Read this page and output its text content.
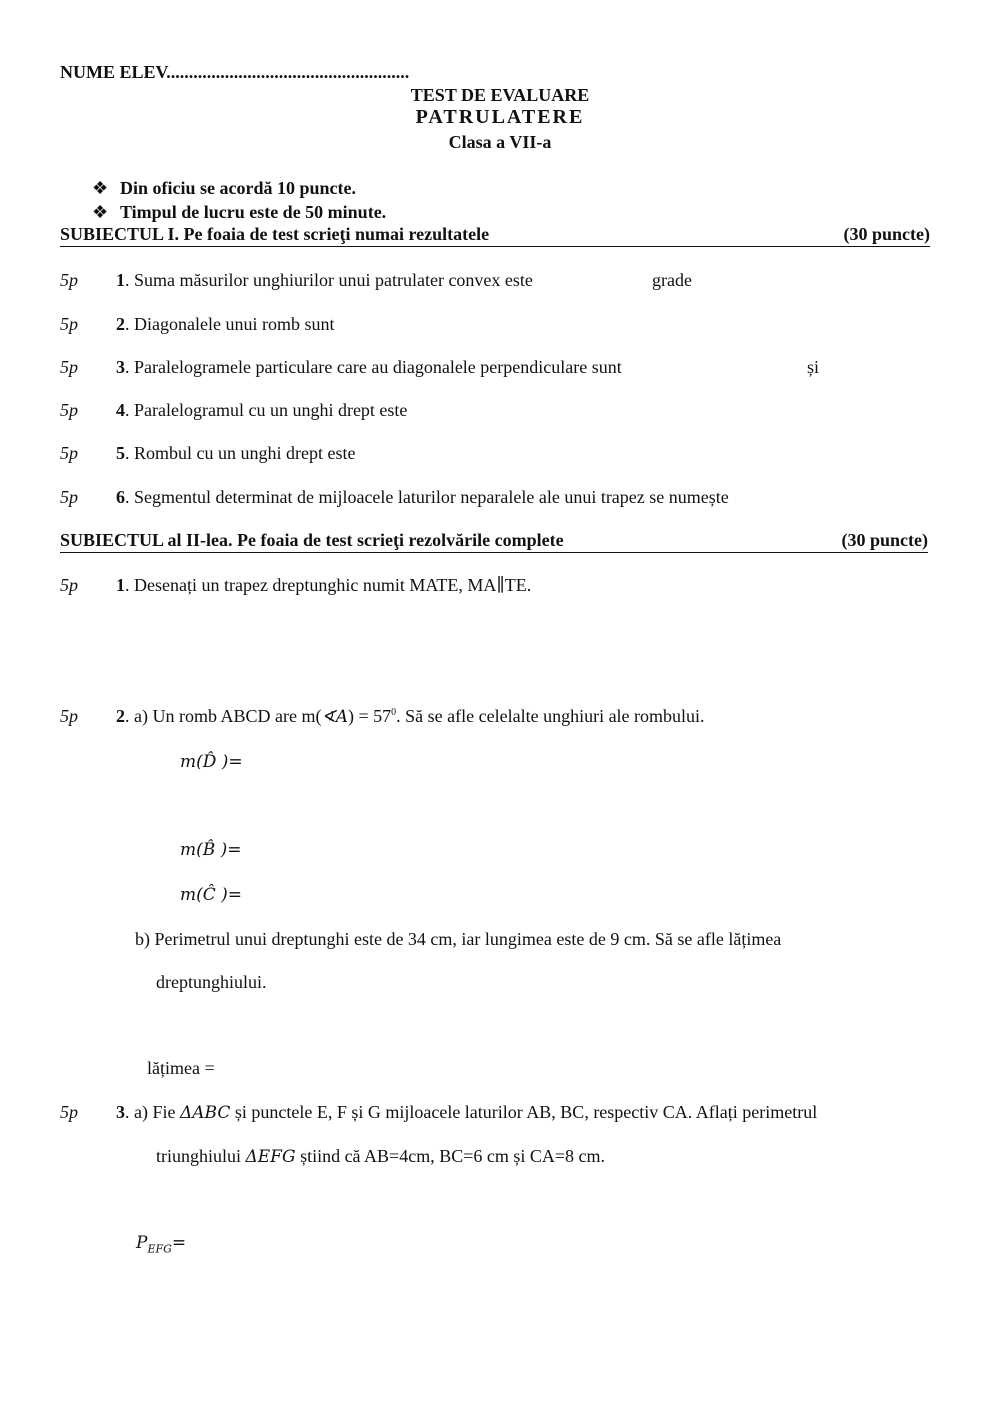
NUME ELEV......................................................
TEST DE EVALUARE
PATRULATERE
Clasa a VII-a
❖ Din oficiu se acordă 10 puncte.
❖ Timpul de lucru este de 50 minute.
SUBIECTUL I. Pe foaia de test scrieţi numai rezultatele	(30 puncte)
5p 1. Suma măsurilor unghiurilor unui patrulater convex este	grade
5p 2. Diagonalele unui romb sunt
5p 3. Paralelogramele particulare care au diagonalele perpendiculare sunt	și
5p 4. Paralelogramul cu un unghi drept este
5p 5. Rombul cu un unghi drept este
5p 6. Segmentul determinat de mijloacele laturilor neparalele ale unui trapez se numește
SUBIECTUL al II-lea. Pe foaia de test scrieţi rezolvările complete	(30 puncte)
5p 1. Desenați un trapez dreptunghic numit MATE, MA∥TE.
5p 2. a) Un romb ABCD are m(∢A) = $57^0$. Să se afle celelalte unghiuri ale rombului.
m(D̂ )=
m(B̂ )=
m(Ĉ )=
b) Perimetrul unui dreptunghi este de 34 cm, iar lungimea este de 9 cm. Să se afle lățimea
dreptunghiului.
lățimea =
5p 3. a) Fie ΔABC și punctele E, F și G mijloacele laturilor AB, BC, respectiv CA. Aflați perimetrul
triunghiului ΔEFG știind că AB=4cm, BC=6 cm și CA=8 cm.
$P_{EFG}=$
